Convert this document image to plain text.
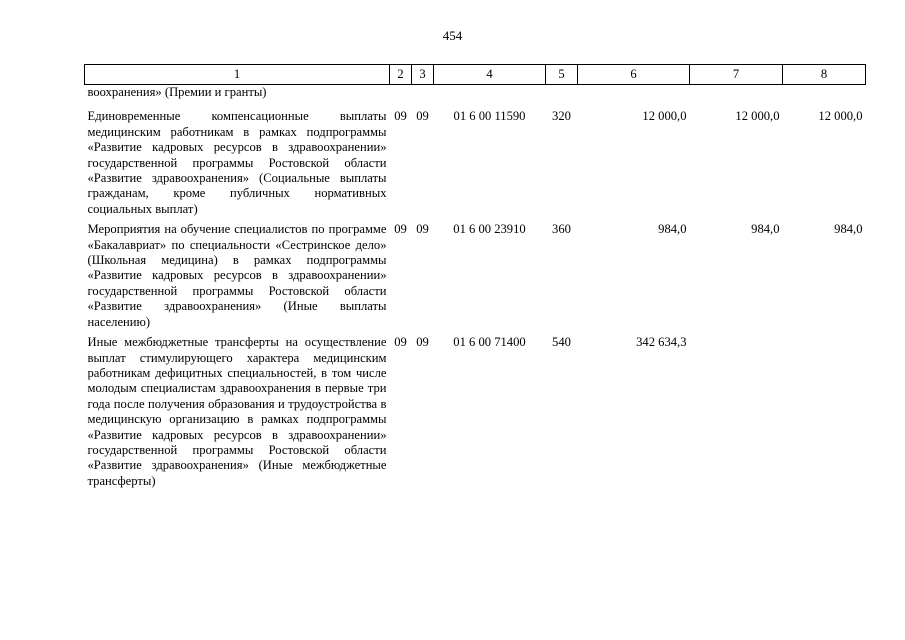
454
1	2	3	4	5	6	7	8
воохранения» (Премии и гранты)							
Единовременные компенсационные выплаты медицинским работникам в рамках подпрограммы «Развитие кадровых ресурсов в здравоохранении» государственной программы Ростовской области «Развитие здравоохранения» (Социальные выплаты гражданам, кроме публичных нормативных социальных выплат)	09	09	01 6 00 11590	320	12 000,0	12 000,0	12 000,0
Мероприятия на обучение специалистов по программе «Бакалавриат» по специальности «Сестринское дело» (Школьная медицина) в рамках подпрограммы «Развитие кадровых ресурсов в здравоохранении» государственной программы Ростовской области «Развитие здравоохранения» (Иные выплаты населению)	09	09	01 6 00 23910	360	984,0	984,0	984,0
Иные межбюджетные трансферты на осуществление выплат стимулирующего характера медицинским работникам дефицитных специальностей, в том числе молодым специалистам здравоохранения в первые три года после получения образования и трудоустройства в медицинскую организацию в рамках подпрограммы «Развитие кадровых ресурсов в здравоохранении» государственной программы Ростовской области «Развитие здравоохранения» (Иные межбюджетные трансферты)	09	09	01 6 00 71400	540	342 634,3		
